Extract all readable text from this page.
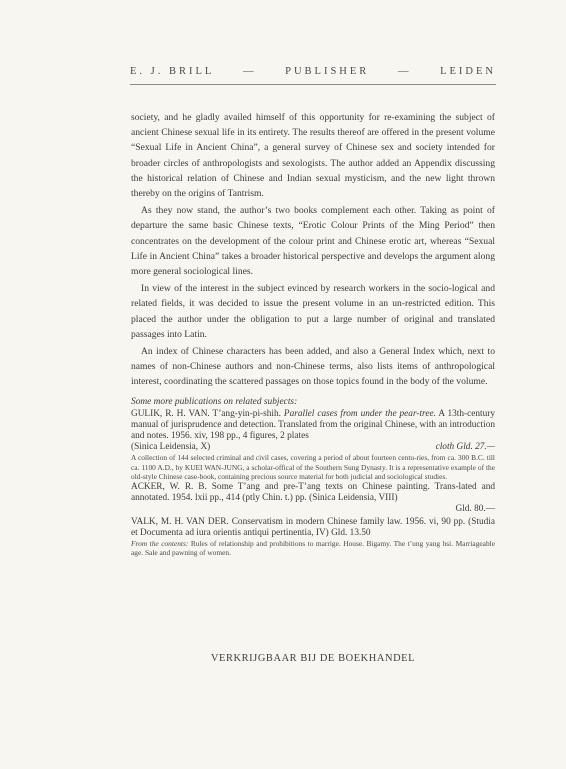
E. J. BRILL	—	PUBLISHER	—	LEIDEN

society, and he gladly availed himself of this opportunity for re-examining the subject of ancient Chinese sexual life in its entirety. The results thereof are offered in the present volume “Sexual Life in Ancient China”, a general survey of Chinese sex and society intended for broader circles of anthropologists and sexologists. The author added an Appendix discussing the historical relation of Chinese and Indian sexual mysticism, and the new light thrown thereby on the origins of Tantrism.

As they now stand, the author’s two books complement each other. Taking as point of departure the same basic Chinese texts, “Erotic Colour Prints of the Ming Period” then concentrates on the development of the colour print and Chinese erotic art, whereas “Sexual Life in Ancient China” takes a broader historical perspective and develops the argument along more general sociological lines.

In view of the interest in the subject evinced by research workers in the socio-logical and related fields, it was decided to issue the present volume in an un-restricted edition. This placed the author under the obligation to put a large number of original and translated passages into Latin.

An index of Chinese characters has been added, and also a General Index which, next to names of non-Chinese authors and non-Chinese terms, also lists items of anthropological interest, coordinating the scattered passages on those topics found in the body of the volume.

Some more publications on related subjects:
GULIK, R. H. VAN. T’ang-yin-pi-shih. Parallel cases from under the pear-tree. A 13th-century manual of jurisprudence and detection. Translated from the original Chinese, with an introduction and notes. 1956. xiv, 198 pp., 4 figures, 2 plates
(Sinica Leidensia, X)	cloth Gld. 27.—
A collection of 144 selected criminal and civil cases, covering a period of about fourteen centu-ries, from ca. 300 B.C. till ca. 1100 A.D., by KUEI WAN-JUNG, a scholar-offical of the Southern Sung Dynasty. It is a representative example of the old-style Chinese case-book, containing precious source material for both judicial and sociological studies.
ACKER, W. R. B. Some T’ang and pre-T’ang texts on Chinese painting. Trans-lated and annotated. 1954. lxii pp., 414 (ptly Chin. t.) pp. (Sinica Leidensia, VIII)
Gld. 80.—
VALK, M. H. VAN DER. Conservatism in modern Chinese family law. 1956. vi, 90 pp. (Studia et Documenta ad iura orientis antiqui pertinentia, IV) Gld. 13.50
From the contents: Rules of relationship and prohibitions to marrige. House. Bigamy. The t’ung yang hsi. Marriageable age. Sale and pawning of women.
VERKRIJGBAAR BIJ DE BOEKHANDEL
